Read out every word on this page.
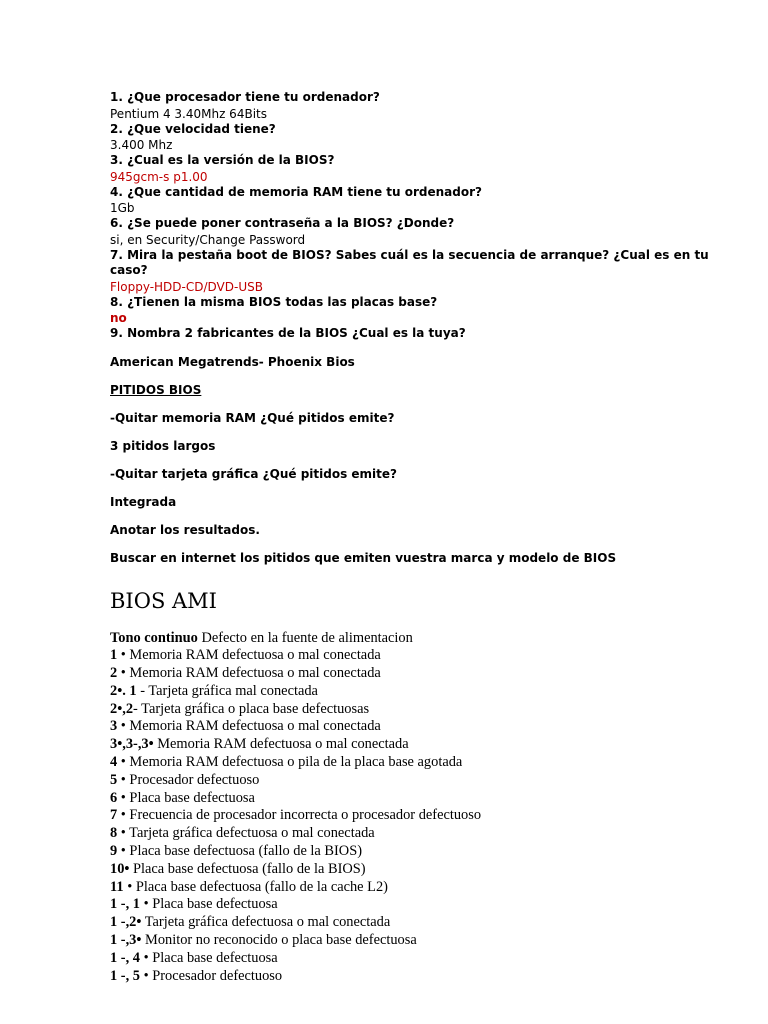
1. ¿Que procesador tiene tu ordenador?

Pentium 4 3.40Mhz 64Bits

2. ¿Que velocidad tiene?

3.400 Mhz

3. ¿Cual es la versión de la BIOS?

945gcm-s p1.00

4. ¿Que cantidad de memoria RAM tiene tu ordenador?

1Gb

6. ¿Se puede poner contraseña a la BIOS? ¿Donde?

si, en Security/Change Password

7. Mira la pestaña boot de BIOS? Sabes cuál es la secuencia de arranque? ¿Cual es en tu caso?

Floppy-HDD-CD/DVD-USB

8. ¿Tienen la misma BIOS todas las placas base?

no

9. Nombra 2 fabricantes de la BIOS ¿Cual es la tuya?

American Megatrends- Phoenix Bios

PITIDOS BIOS

-Quitar memoria RAM ¿Qué pitidos emite?

3 pitidos largos

-Quitar tarjeta gráfica ¿Qué pitidos emite?

Integrada

Anotar los resultados.

Buscar en internet los pitidos que emiten vuestra marca y modelo de BIOS

BIOS AMI

Tono continuo Defecto en la fuente de alimentacion

1 • Memoria RAM defectuosa o mal conectada

2 • Memoria RAM defectuosa o mal conectada

2•. 1 - Tarjeta gráfica mal conectada

2•,2- Tarjeta gráfica o placa base defectuosas

3 • Memoria RAM defectuosa o mal conectada

3•,3-,3• Memoria RAM defectuosa o mal conectada

4 • Memoria RAM defectuosa o pila de la placa base agotada

5 • Procesador defectuoso

6 • Placa base defectuosa

7 • Frecuencia de procesador incorrecta o procesador defectuoso

8 • Tarjeta gráfica defectuosa o mal conectada

9 • Placa base defectuosa (fallo de la BIOS)

10• Placa base defectuosa (fallo de la BIOS)

11 • Placa base defectuosa (fallo de la cache L2)

1 -, 1 • Placa base defectuosa

1 -,2• Tarjeta gráfica defectuosa o mal conectada

1 -,3• Monitor no reconocido o placa base defectuosa

1 -, 4 • Placa base defectuosa

1 -, 5 • Procesador defectuoso
